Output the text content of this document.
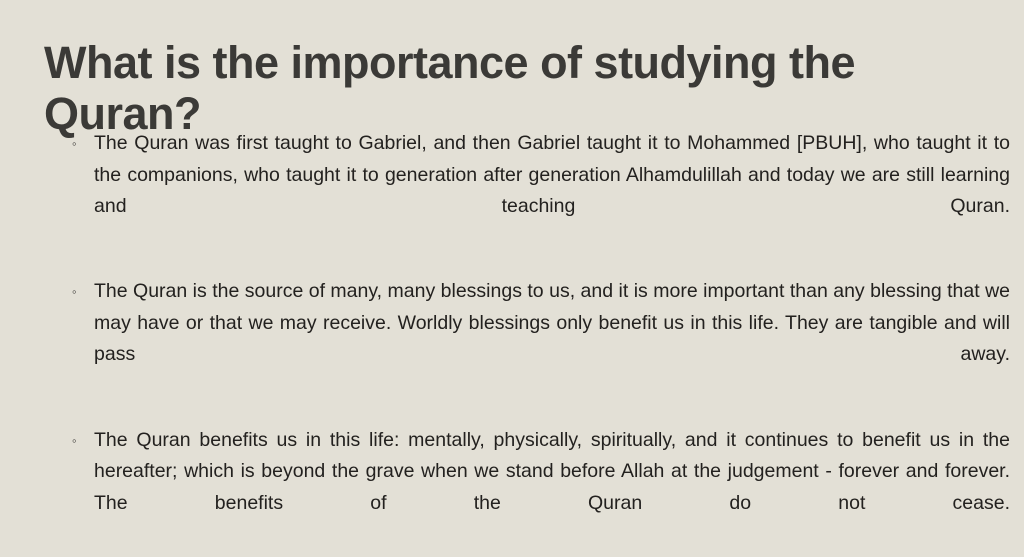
What is the importance of studying the Quran?
◦ The Quran was first taught to Gabriel, and then Gabriel taught it to Mohammed [PBUH], who taught it to the companions, who taught it to generation after generation Alhamdulillah and today we are still learning and teaching Quran.
◦ The Quran is the source of many, many blessings to us, and it is more important than any blessing that we may have or that we may receive. Worldly blessings only benefit us in this life. They are tangible and will pass away.
◦ The Quran benefits us in this life: mentally, physically, spiritually, and it continues to benefit us in the hereafter; which is beyond the grave when we stand before Allah at the judgement - forever and forever. The benefits of the Quran do not cease.
